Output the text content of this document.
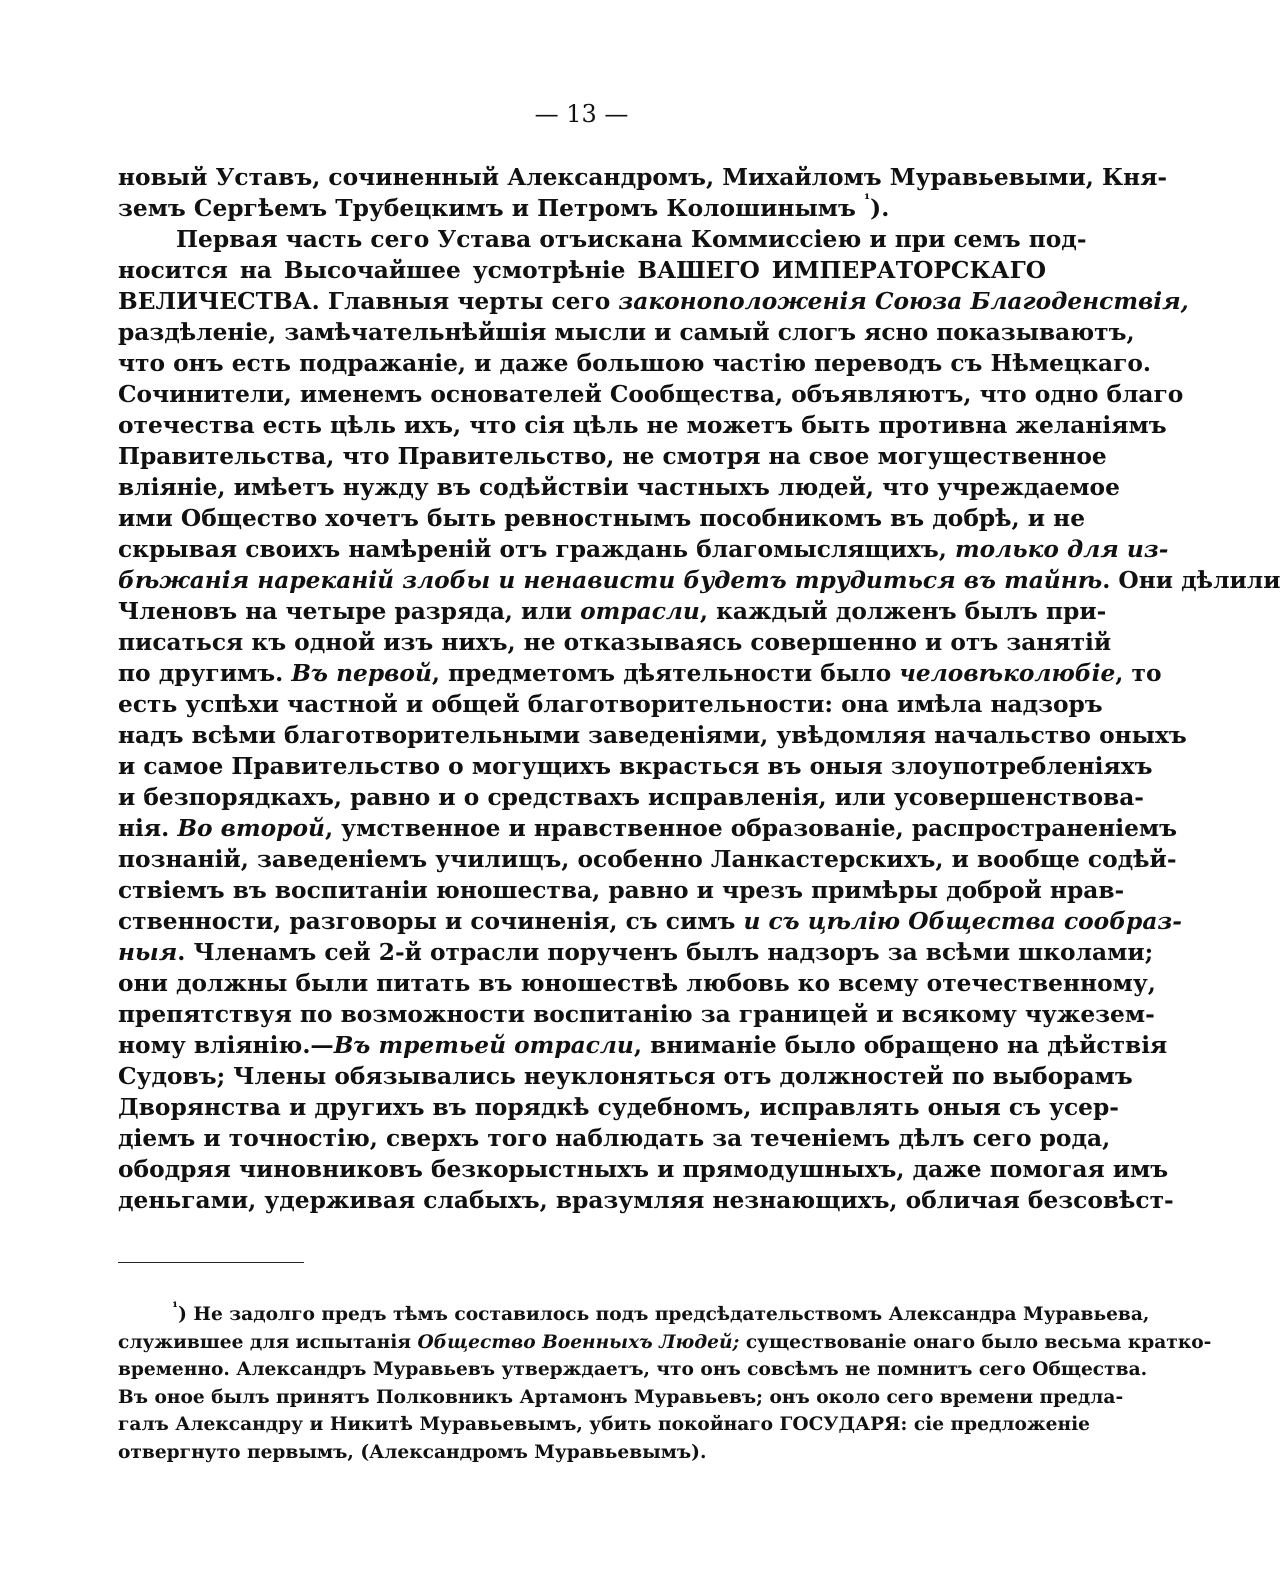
— 13 —
новый Уставъ, сочиненный Александромъ, Михайломъ Муравьевыми, Кня-
земъ Сергѣемъ Трубецкимъ и Петромъ Колошинымъ $^{^1}$).
Первая часть сего Устава отъискана Коммиссіею и при семъ под-
носится на Высочайшее усмотрѣніе ВАШЕГО ИМПЕРАТОРСКАГО
ВЕЛИЧЕСТВА. Главныя черты сего законоположенія Союза Благоденствія,
раздѣленіе, замѣчательнѣйшія мысли и самый слогъ ясно показываютъ,
что онъ есть подражаніе, и даже большою частію переводъ съ Нѣмецкаго.
Сочинители, именемъ основателей Сообщества, объявляютъ, что одно благо
отечества есть цѣль ихъ, что сія цѣль не можетъ быть противна желаніямъ
Правительства, что Правительство, не смотря на свое могущественное
вліяніе, имѣетъ нужду въ содѣйствіи частныхъ людей, что учреждаемое
ими Общество хочетъ быть ревностнымъ пособникомъ въ добрѣ, и не
скрывая своихъ намѣреній отъ граждань благомыслящихъ, только для из-
бѣжанія нареканій злобы и ненависти будетъ трудиться въ тайнѣ. Они дѣлили
Членовъ на четыре разряда, или отрасли, каждый долженъ былъ при-
писаться къ одной изъ нихъ, не отказываясь совершенно и отъ занятій
по другимъ. Въ первой, предметомъ дѣятельности было человѣколюбіе, то
есть успѣхи частной и общей благотворительности: она имѣла надзоръ
надъ всѣми благотворительными заведеніями, увѣдомляя начальство оныхъ
и самое Правительство о могущихъ вкрасться въ оныя злоупотребленіяхъ
и безпорядкахъ, равно и о средствахъ исправленія, или усовершенствова-
нія. Во второй, умственное и нравственное образованіе, распространеніемъ
познаній, заведеніемъ училищъ, особенно Ланкастерскихъ, и вообще содѣй-
ствіемъ въ воспитаніи юношества, равно и чрезъ примѣры доброй нрав-
ственности, разговоры и сочиненія, съ симъ и съ цѣлію Общества сообраз-
ныя. Членамъ сей 2-й отрасли порученъ былъ надзоръ за всѣми школами;
они должны были питать въ юношествѣ любовь ко всему отечественному,
препятствуя по возможности воспитанію за границей и всякому чужезем-
ному вліянію.—Въ третьей отрасли, вниманіе было обращено на дѣйствія
Судовъ; Члены обязывались неуклоняться отъ должностей по выборамъ
Дворянства и другихъ въ порядкѣ судебномъ, исправлять оныя съ усер-
діемъ и точностію, сверхъ того наблюдать за теченіемъ дѣлъ сего рода,
ободряя чиновниковъ безкорыстныхъ и прямодушныхъ, даже помогая имъ
деньгами, удерживая слабыхъ, вразумляя незнающихъ, обличая безсовѣст-
$^{^1}$) Не задолго предъ тѣмъ составилось подъ предсѣдательствомъ Александра Муравьева,
служившее для испытанія Общество Военныхъ Людей; существованіе онаго было весьма кратко-
временно. Александръ Муравьевъ утверждаетъ, что онъ совсѣмъ не помнитъ сего Общества.
Въ оное былъ принятъ Полковникъ Артамонъ Муравьевъ; онъ около сего времени предла-
галъ Александру и Никитѣ Муравьевымъ, убить покойнаго ГОСУДАРЯ: сіе предложеніе
отвергнуто первымъ, (Александромъ Муравьевымъ).
